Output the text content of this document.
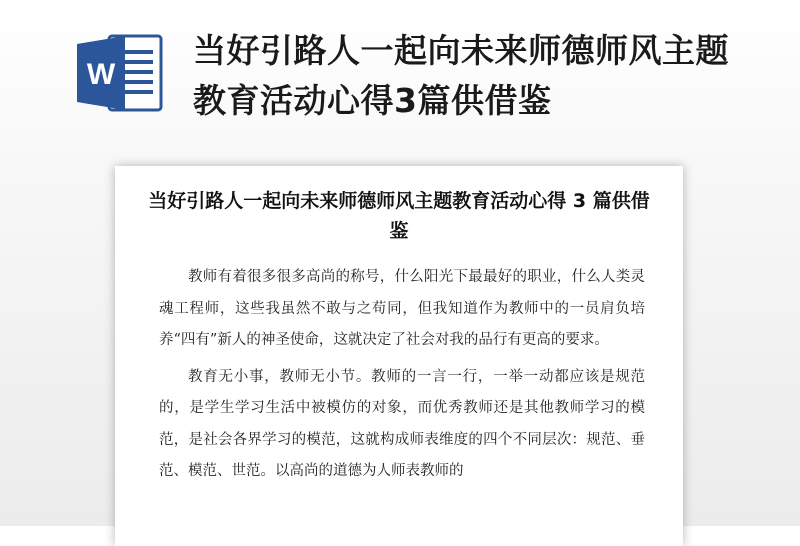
W
当好引路人一起向未来师德师风主题教育活动心得3篇供借鉴
当好引路人一起向未来师德师风主题教育活动心得 3 篇供借鉴

教师有着很多很多高尚的称号，什么阳光下最最好的职业，什么人类灵魂工程师，这些我虽然不敢与之苟同，但我知道作为教师中的一员肩负培养“四有”新人的神圣使命，这就决定了社会对我的品行有更高的要求。

教育无小事，教师无小节。教师的一言一行，一举一动都应该是规范的，是学生学习生活中被模仿的对象，而优秀教师还是其他教师学习的模范，是社会各界学习的模范，这就构成师表维度的四个不同层次：规范、垂范、模范、世范。以高尚的道德为人师表教师的
